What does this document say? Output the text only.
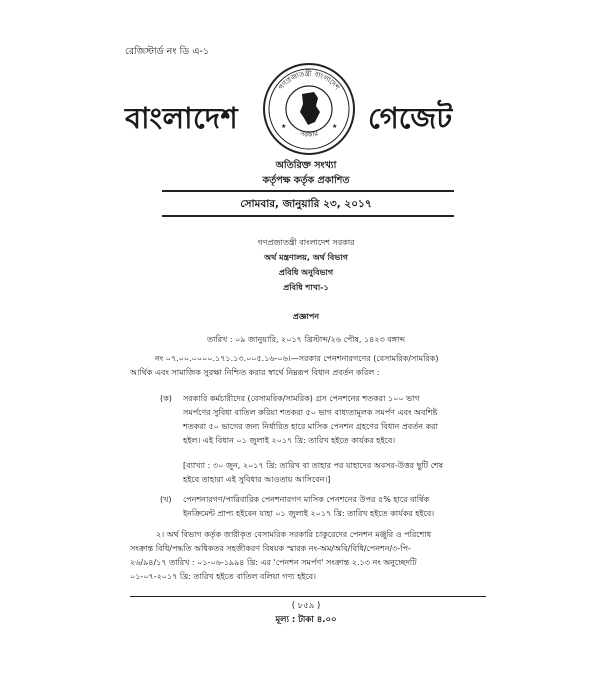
রেজিস্টার্ড নং ডি এ-১
বাংলাদেশ
গণপ্রজাতন্ত্রী বাংলাদেশ
সরকার
★	★ গেজেট
অতিরিক্ত সংখ্যা
কর্তৃপক্ষ কর্তৃক প্রকাশিত
সোমবার, জানুয়ারি ২৩, ২০১৭
গণপ্রজাতন্ত্রী বাংলাদেশ সরকার
অর্থ মন্ত্রণালয়, অর্থ বিভাগ
প্রবিধি অনুবিভাগ
প্রবিধি শাখা-১
প্রজ্ঞাপন
তারিখ : ০৯ জানুয়ারি, ২০১৭ খ্রিস্টাব্দ/২৬ পৌষ, ১৪২৩ বঙ্গাব্দ
নং ০৭.০০.০০০০.১৭১.১৩.০০৫.১৬-০৬।—সরকার পেনশনারগণের (বেসামরিক/সামরিক)
আর্থিক এবং সামাজিক সুরক্ষা নিশ্চিত করার স্বার্থে নিম্নরূপ বিধান প্রবর্তন করিল :
(ক) সরকারি কর্মচারীদের (বেসামরিক/সামরিক) গ্রস পেনশনের শতকরা ১০০ ভাগ
সমর্পণের সুবিধা বাতিল করিয়া শতকরা ৫০ ভাগ বাধ্যতামূলক সমর্পণ এবং অবশিষ্ট
শতকরা ৫০ ভাগের জন্য নির্ধারিত হারে মাসিক পেনশন গ্রহণের বিধান প্রবর্তন করা
হইল। এই বিধান ০১ জুলাই ২০১৭ খ্রি: তারিখ হইতে কার্যকর হইবে।
[ব্যাখ্যা : ৩০ জুন, ২০১৭ খ্রি: তারিখ বা তাহার পর যাহাদের অবসর-উত্তর ছুটি শেষ
হইবে তাহারা এই সুবিধার আওতায় আসিবেন।]
(খ) পেনশনারগণ/পারিবারিক পেনশনারগণ মাসিক পেনশনের উপর ৫% হারে বার্ষিক
ইনক্রিমেন্ট প্রাপ্য হইবেন যাহা ০১ জুলাই ২০১৭ খ্রি: তারিখ হইতে কার্যকর হইবে।
২। অর্থ বিভাগ কর্তৃক জারীকৃত বেসামরিক সরকারি চাকুরেদের পেনশন মঞ্জুরি ও পরিশোধ
সংক্রান্ত বিধি/পদ্ধতি অধিকতর সহজীকরণ বিষয়ক স্মারক নং-অম/অবি/বিধি/পেনশন/৩-পি-
২৬/৯৪/১৭ তারিখ : ০১-০৬-১৯৯৪ খ্রি: এর 'পেনশন সমর্পণ' সংক্রান্ত ২.১৩ নং অনুচ্ছেদটি
০১-০৭-২০১৭ খ্রি: তারিখ হইতে বাতিল বলিয়া গণ্য হইবে।
( ৮৫৯ )
মূল্য : টাকা ৪.০০
